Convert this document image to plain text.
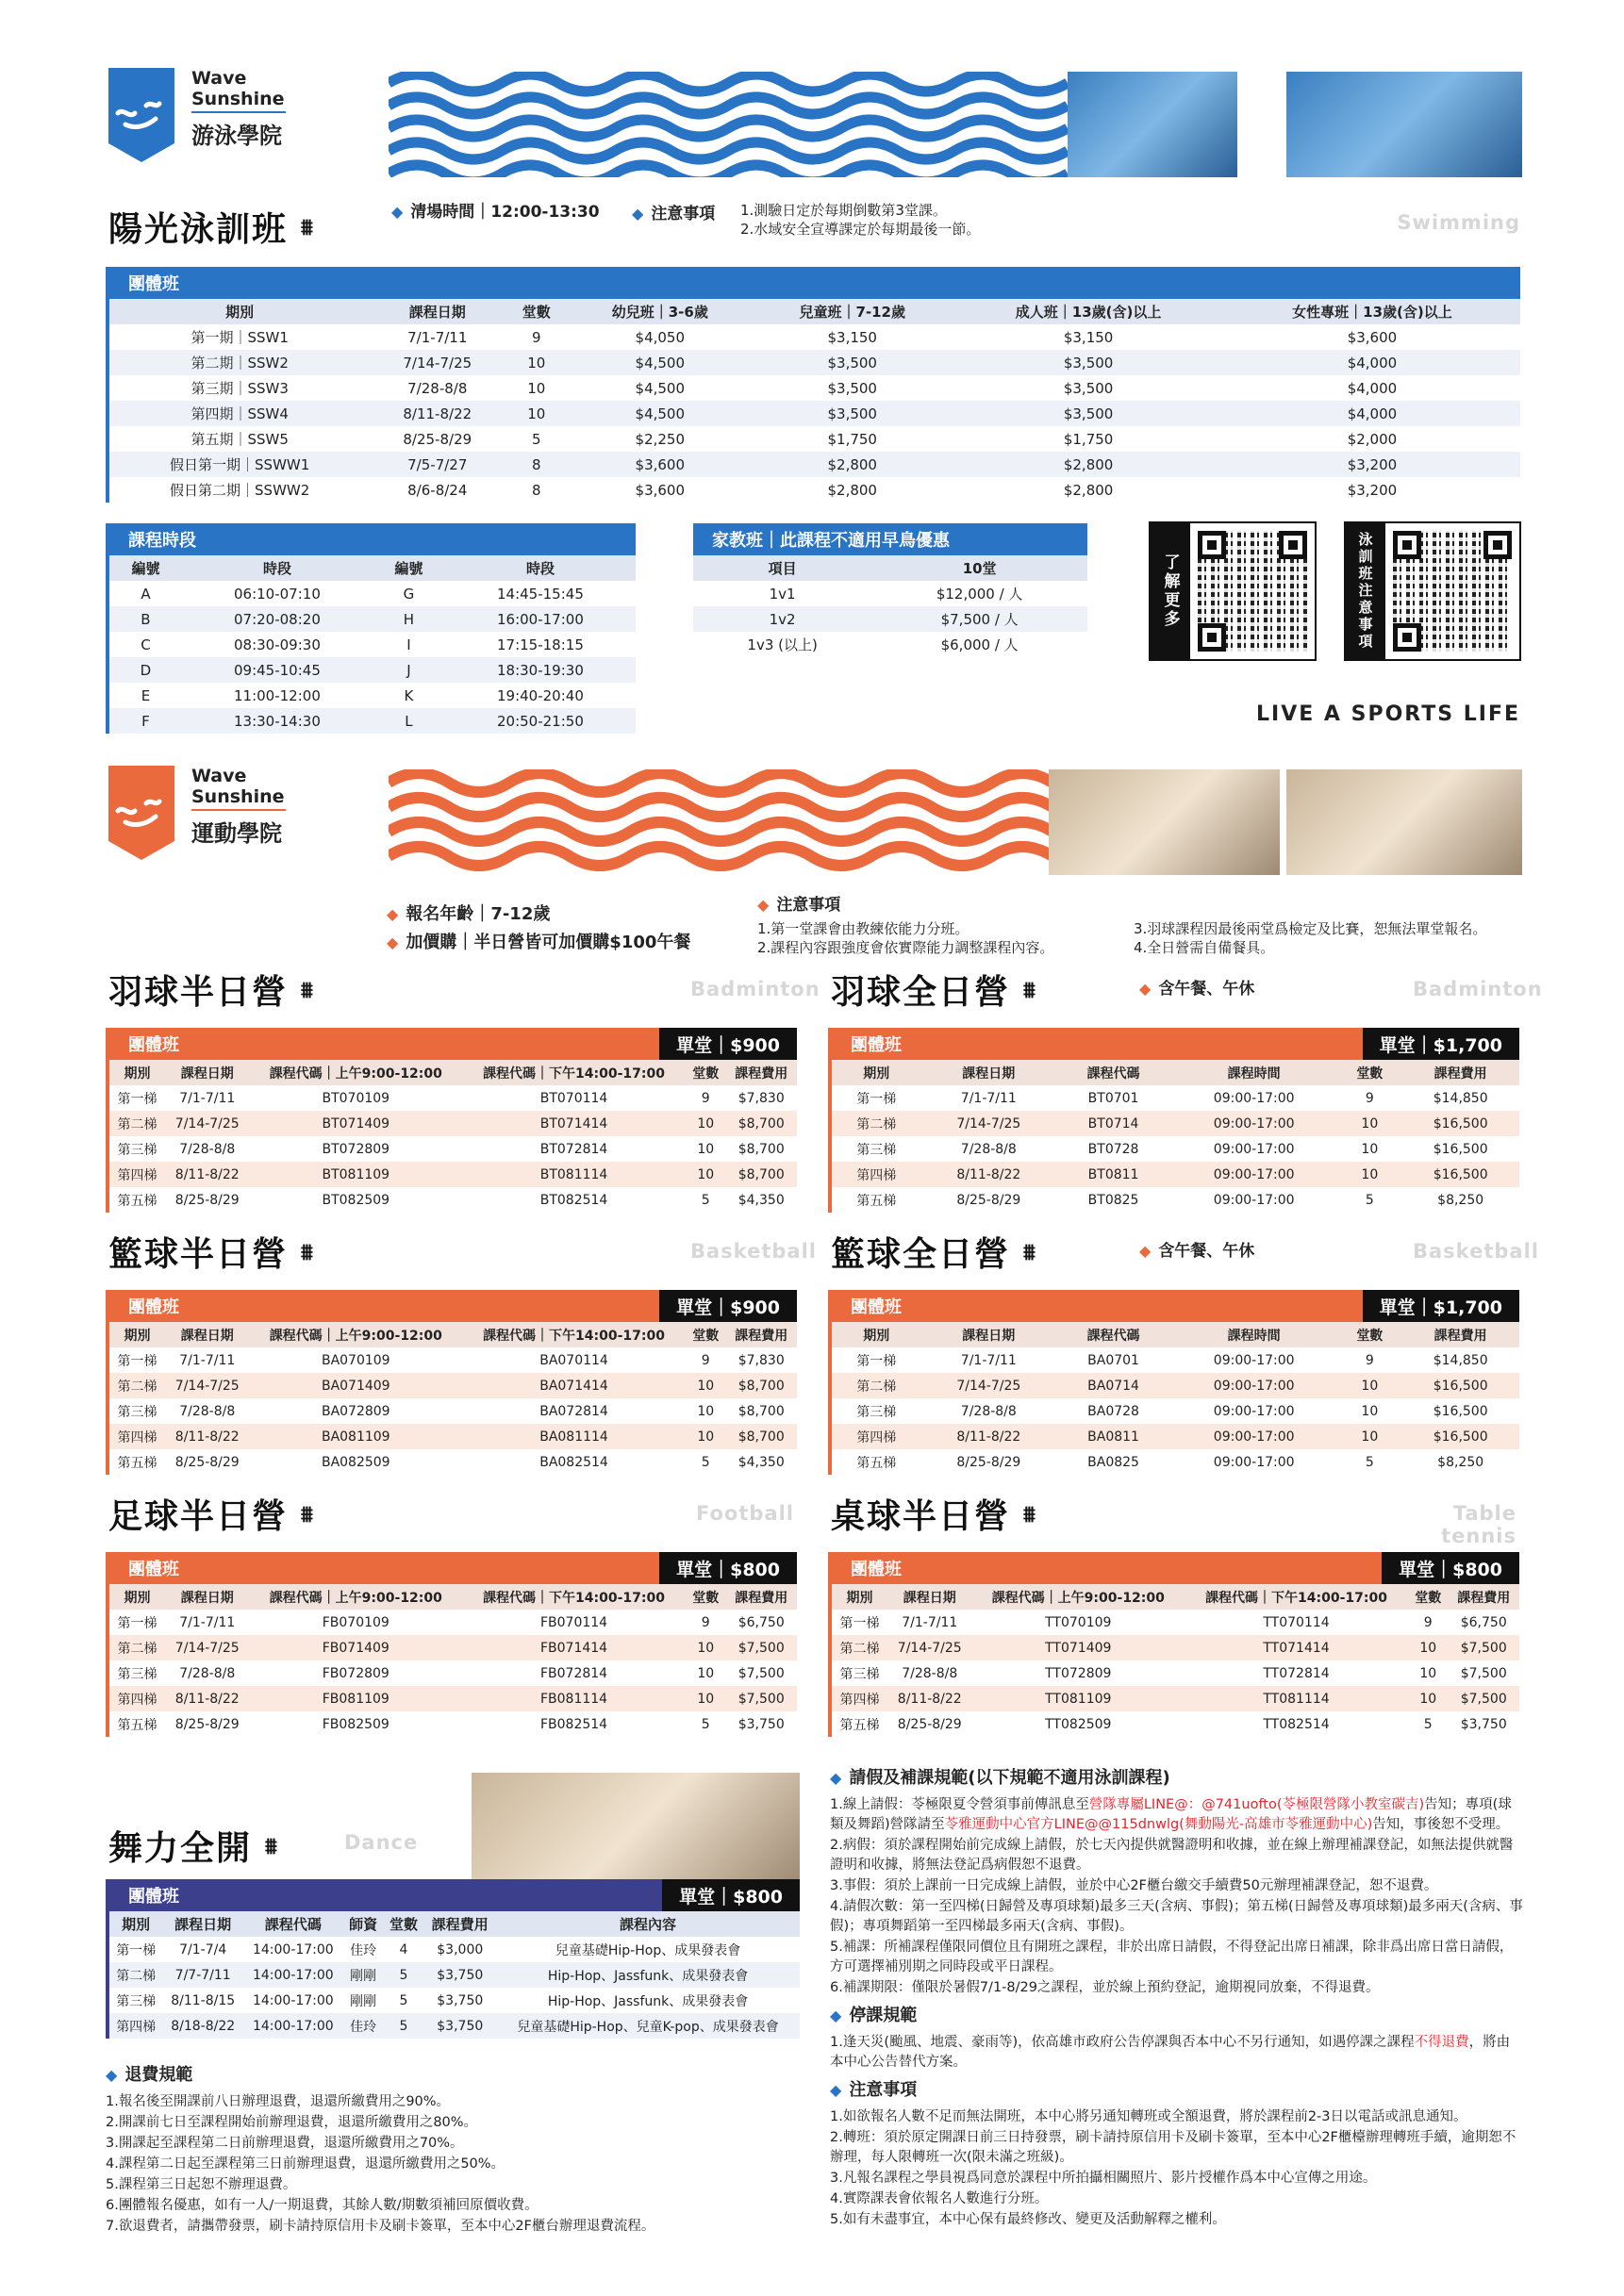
Wave
Sunshine
游泳學院
陽光泳訓班 ⩩
◆ 清場時間｜12:00-13:30 ◆ 注意事項 1.測驗日定於每期倒數第3堂課。
2.水域安全宣導課定於每期最後一節。	Swimming
團體班
期別	課程日期	堂數	幼兒班｜3-6歲	兒童班｜7-12歲	成人班｜13歲(含)以上	女性專班｜13歲(含)以上
第一期｜SSW1	7/1-7/11	9	$4,050	$3,150	$3,150	$3,600
第二期｜SSW2	7/14-7/25	10	$4,500	$3,500	$3,500	$4,000
第三期｜SSW3	7/28-8/8	10	$4,500	$3,500	$3,500	$4,000
第四期｜SSW4	8/11-8/22	10	$4,500	$3,500	$3,500	$4,000
第五期｜SSW5	8/25-8/29	5	$2,250	$1,750	$1,750	$2,000
假日第一期｜SSWW1	7/5-7/27	8	$3,600	$2,800	$2,800	$3,200
假日第二期｜SSWW2	8/6-8/24	8	$3,600	$2,800	$2,800	$3,200
課程時段
編號	時段	編號	時段
A	06:10-07:10	G	14:45-15:45
B	07:20-08:20	H	16:00-17:00
C	08:30-09:30	I	17:15-18:15
D	09:45-10:45	J	18:30-19:30
E	11:00-12:00	K	19:40-20:40
F	13:30-14:30	L	20:50-21:50
家教班｜此課程不適用早鳥優惠
項目	10堂
1v1	$12,000 / 人
1v2	$7,500 / 人
1v3 (以上)	$6,000 / 人
了解更多	泳訓班注意事項
LIVE A SPORTS LIFE
Wave
Sunshine
運動學院
◆ 報名年齡｜7-12歲
◆ 加價購｜半日營皆可加價購$100午餐
◆ 注意事項
1.第一堂課會由教練依能力分班。
2.課程內容跟強度會依實際能力調整課程內容。
3.羽球課程因最後兩堂爲檢定及比賽，恕無法單堂報名。
4.全日營需自備餐具。
羽球半日營 ⩩	Badminton
團體班	單堂｜$900
期別	課程日期	課程代碼｜上午9:00-12:00	課程代碼｜下午14:00-17:00	堂數	課程費用
第一梯	7/1-7/11	BT070109	BT070114	9	$7,830
第二梯	7/14-7/25	BT071409	BT071414	10	$8,700
第三梯	7/28-8/8	BT072809	BT072814	10	$8,700
第四梯	8/11-8/22	BT081109	BT081114	10	$8,700
第五梯	8/25-8/29	BT082509	BT082514	5	$4,350
羽球全日營 ⩩	Badminton
◆ 含午餐、午休
團體班	單堂｜$1,700
期別	課程日期	課程代碼	課程時間	堂數	課程費用
第一梯	7/1-7/11	BT0701	09:00-17:00	9	$14,850
第二梯	7/14-7/25	BT0714	09:00-17:00	10	$16,500
第三梯	7/28-8/8	BT0728	09:00-17:00	10	$16,500
第四梯	8/11-8/22	BT0811	09:00-17:00	10	$16,500
第五梯	8/25-8/29	BT0825	09:00-17:00	5	$8,250
籃球半日營 ⩩	Basketball
團體班	單堂｜$900
期別	課程日期	課程代碼｜上午9:00-12:00	課程代碼｜下午14:00-17:00	堂數	課程費用
第一梯	7/1-7/11	BA070109	BA070114	9	$7,830
第二梯	7/14-7/25	BA071409	BA071414	10	$8,700
第三梯	7/28-8/8	BA072809	BA072814	10	$8,700
第四梯	8/11-8/22	BA081109	BA081114	10	$8,700
第五梯	8/25-8/29	BA082509	BA082514	5	$4,350
籃球全日營 ⩩	Basketball
◆ 含午餐、午休
團體班	單堂｜$1,700
期別	課程日期	課程代碼	課程時間	堂數	課程費用
第一梯	7/1-7/11	BA0701	09:00-17:00	9	$14,850
第二梯	7/14-7/25	BA0714	09:00-17:00	10	$16,500
第三梯	7/28-8/8	BA0728	09:00-17:00	10	$16,500
第四梯	8/11-8/22	BA0811	09:00-17:00	10	$16,500
第五梯	8/25-8/29	BA0825	09:00-17:00	5	$8,250
足球半日營 ⩩	Football
團體班	單堂｜$800
期別	課程日期	課程代碼｜上午9:00-12:00	課程代碼｜下午14:00-17:00	堂數	課程費用
第一梯	7/1-7/11	FB070109	FB070114	9	$6,750
第二梯	7/14-7/25	FB071409	FB071414	10	$7,500
第三梯	7/28-8/8	FB072809	FB072814	10	$7,500
第四梯	8/11-8/22	FB081109	FB081114	10	$7,500
第五梯	8/25-8/29	FB082509	FB082514	5	$3,750
桌球半日營 ⩩	Table tennis
團體班	單堂｜$800
期別	課程日期	課程代碼｜上午9:00-12:00	課程代碼｜下午14:00-17:00	堂數	課程費用
第一梯	7/1-7/11	TT070109	TT070114	9	$6,750
第二梯	7/14-7/25	TT071409	TT071414	10	$7,500
第三梯	7/28-8/8	TT072809	TT072814	10	$7,500
第四梯	8/11-8/22	TT081109	TT081114	10	$7,500
第五梯	8/25-8/29	TT082509	TT082514	5	$3,750
舞力全開 ⩩	Dance
團體班	單堂｜$800
期別	課程日期	課程代碼	師資	堂數	課程費用	課程內容
第一梯	7/1-7/4	14:00-17:00	佳玲	4	$3,000	兒童基礎Hip-Hop、成果發表會
第二梯	7/7-7/11	14:00-17:00	剛剛	5	$3,750	Hip-Hop、Jassfunk、成果發表會
第三梯	8/11-8/15	14:00-17:00	剛剛	5	$3,750	Hip-Hop、Jassfunk、成果發表會
第四梯	8/18-8/22	14:00-17:00	佳玲	5	$3,750	兒童基礎Hip-Hop、兒童K-pop、成果發表會
◆ 退費規範

1.報名後至開課前八日辦理退費，退還所繳費用之90%。

2.開課前七日至課程開始前辦理退費，退還所繳費用之80%。

3.開課起至課程第二日前辦理退費，退還所繳費用之70%。

4.課程第二日起至課程第三日前辦理退費，退還所繳費用之50%。

5.課程第三日起恕不辦理退費。

6.團體報名優惠，如有一人/一期退費，其餘人數/期數須補回原價收費。

7.欲退費者，請攜帶發票，刷卡請持原信用卡及刷卡簽單，至本中心2F櫃台辦理退費流程。

◆ 請假及補課規範(以下規範不適用泳訓課程)

1.線上請假：苓極限夏令營須事前傳訊息至營隊專屬LINE@：@741uofto(苓極限營隊小教室碳吉)告知；專項(球類及舞蹈)營隊請至苓雅運動中心官方LINE@@115dnwlg(舞動陽光-高雄市苓雅運動中心)告知，事後恕不受理。

2.病假：須於課程開始前完成線上請假，於七天內提供就醫證明和收據，並在線上辦理補課登記，如無法提供就醫證明和收據，將無法登記爲病假恕不退費。

3.事假：須於上課前一日完成線上請假，並於中心2F櫃台繳交手續費50元辦理補課登記，恕不退費。

4.請假次數：第一至四梯(日歸營及專項球類)最多三天(含病、事假)；第五梯(日歸營及專項球類)最多兩天(含病、事假)；專項舞蹈第一至四梯最多兩天(含病、事假)。

5.補課：所補課程僅限同價位且有開班之課程，非於出席日請假，不得登記出席日補課，除非爲出席日當日請假，方可選擇補別期之同時段或平日課程。

6.補課期限：僅限於暑假7/1-8/29之課程，並於線上預約登記，逾期視同放棄，不得退費。

◆ 停課規範

1.逢天災(颱風、地震、豪雨等)，依高雄市政府公告停課與否本中心不另行通知，如遇停課之課程不得退費，將由本中心公告替代方案。

◆ 注意事項

1.如欲報名人數不足而無法開班，本中心將另通知轉班或全額退費，將於課程前2-3日以電話或訊息通知。

2.轉班：須於原定開課日前三日持發票，刷卡請持原信用卡及刷卡簽單，至本中心2F櫃檯辦理轉班手續，逾期恕不辦理，每人限轉班一次(限未滿之班級)。

3.凡報名課程之學員視爲同意於課程中所拍攝相關照片、影片授權作爲本中心宣傳之用途。

4.實際課表會依報名人數進行分班。

5.如有未盡事宜，本中心保有最終修改、變更及活動解釋之權利。
